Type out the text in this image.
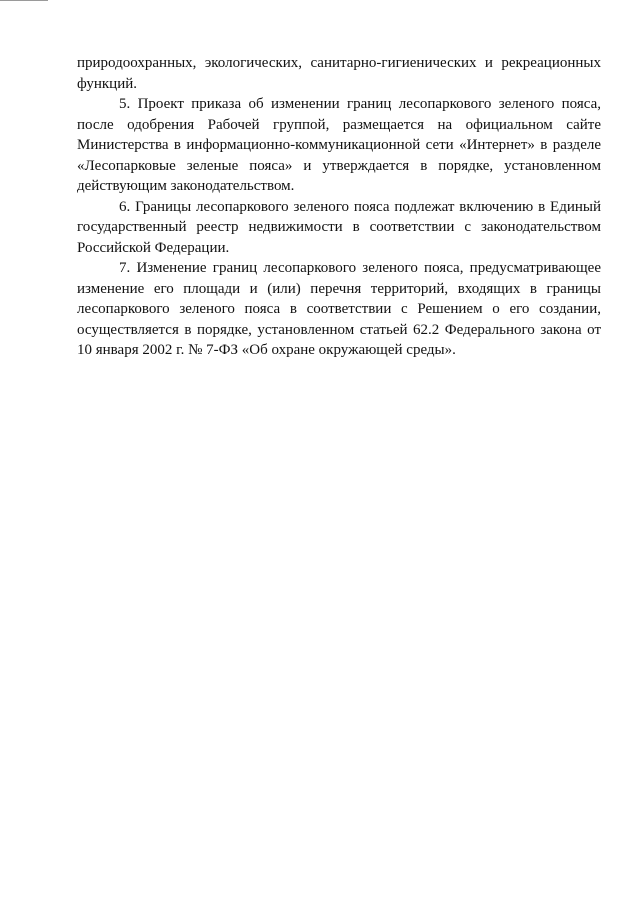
природоохранных, экологических, санитарно-гигиенических и рекреационных функций.

5. Проект приказа об изменении границ лесопаркового зеленого пояса, после одобрения Рабочей группой, размещается на официальном сайте Министерства в информационно-коммуникационной сети «Интернет» в разделе «Лесопарковые зеленые пояса» и утверждается в порядке, установленном действующим законодательством.

6. Границы лесопаркового зеленого пояса подлежат включению в Единый государственный реестр недвижимости в соответствии с законодательством Российской Федерации.

7. Изменение границ лесопаркового зеленого пояса, предусматривающее изменение его площади и (или) перечня территорий, входящих в границы лесопаркового зеленого пояса в соответствии с Решением о его создании, осуществляется в порядке, установленном статьей 62.2 Федерального закона от 10 января 2002 г. № 7-ФЗ «Об охране окружающей среды».
